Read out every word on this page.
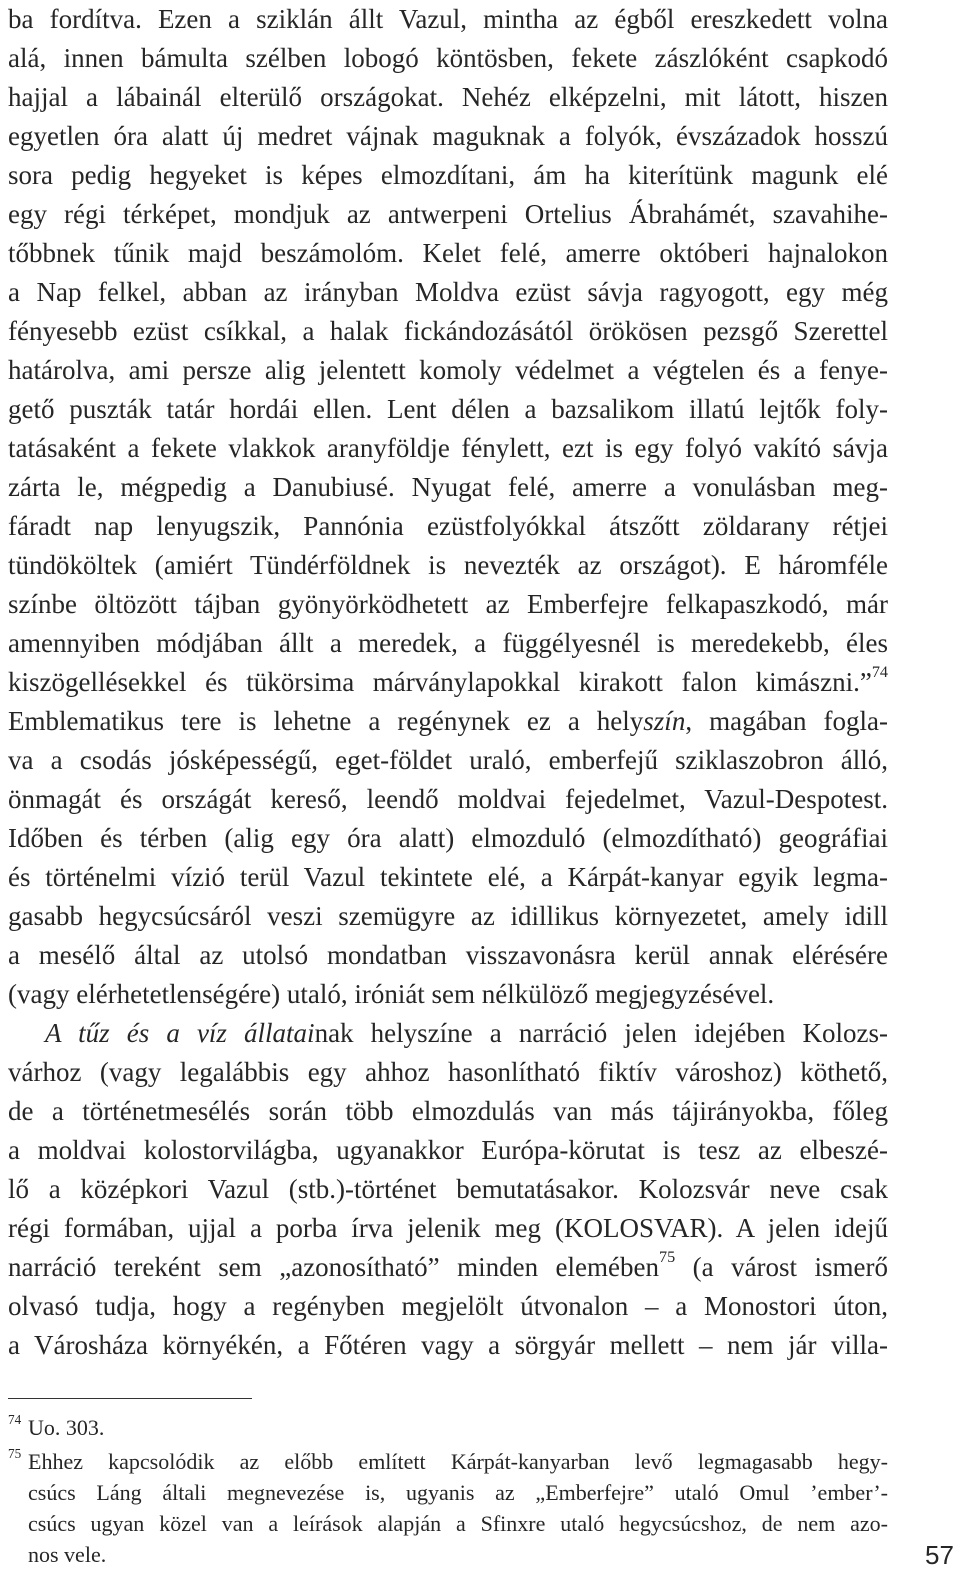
ba fordítva. Ezen a sziklán állt Vazul, mintha az égből ereszkedett volna
alá, innen bámulta szélben lobogó köntösben, fekete zászlóként csapkodó
hajjal a lábainál elterülő országokat. Nehéz elképzelni, mit látott, hiszen
egyetlen óra alatt új medret vájnak maguknak a folyók, évszázadok hosszú
sora pedig hegyeket is képes elmozdítani, ám ha kiterítünk magunk elé
egy régi térképet, mondjuk az antwerpeni Ortelius Ábrahámét, szavahihe-
tőbbnek tűnik majd beszámolóm. Kelet felé, amerre októberi hajnalokon
a Nap felkel, abban az irányban Moldva ezüst sávja ragyogott, egy még
fényesebb ezüst csíkkal, a halak fickándozásától örökösen pezsgő Szerettel
határolva, ami persze alig jelentett komoly védelmet a végtelen és a fenye-
gető puszták tatár hordái ellen. Lent délen a bazsalikom illatú lejtők foly-
tatásaként a fekete vlakkok aranyföldje fénylett, ezt is egy folyó vakító sávja
zárta le, mégpedig a Danubiusé. Nyugat felé, amerre a vonulásban meg-
fáradt nap lenyugszik, Pannónia ezüstfolyókkal átszőtt zöldarany rétjei
tündököltek (amiért Tündérföldnek is nevezték az országot). E háromféle
színbe öltözött tájban gyönyörködhetett az Emberfejre felkapaszkodó, már
amennyiben módjában állt a meredek, a függélyesnél is meredekebb, éles
kiszögellésekkel és tükörsima márványlapokkal kirakott falon kimászni.”$^{74}$
Emblematikus tere is lehetne a regénynek ez a helyszín, magában fogla-
va a csodás jósképességű, eget-földet uraló, emberfejű sziklaszobron álló,
önmagát és országát kereső, leendő moldvai fejedelmet, Vazul-Despotest.
Időben és térben (alig egy óra alatt) elmozduló (elmozdítható) geográfiai
és történelmi vízió terül Vazul tekintete elé, a Kárpát-kanyar egyik legma-
gasabb hegycsúcsáról veszi szemügyre az idillikus környezetet, amely idill
a mesélő által az utolsó mondatban visszavonásra kerül annak elérésére
(vagy elérhetetlenségére) utaló, iróniát sem nélkülöző megjegyzésével.
A tűz és a víz állatainak helyszíne a narráció jelen idejében Kolozs-
várhoz (vagy legalábbis egy ahhoz hasonlítható fiktív városhoz) köthető,
de a történetmesélés során több elmozdulás van más tájirányokba, főleg
a moldvai kolostorvilágba, ugyanakkor Európa-körutat is tesz az elbeszé-
lő a középkori Vazul (stb.)-történet bemutatásakor. Kolozsvár neve csak
régi formában, ujjal a porba írva jelenik meg (KOLOSVAR). A jelen idejű
narráció tereként sem „azonosítható” minden elemében$^{75}$ (a várost ismerő
olvasó tudja, hogy a regényben megjelölt útvonalon – a Monostori úton,
a Városháza környékén, a Főtéren vagy a sörgyár mellett – nem jár villa-
$^{74}$ Uo. 303.
$^{75}$ Ehhez kapcsolódik az előbb említett Kárpát-kanyarban levő legmagasabb hegy-
csúcs Láng általi megnevezése is, ugyanis az „Emberfejre” utaló Omul ’ember’-
csúcs ugyan közel van a leírások alapján a Sfinxre utaló hegycsúcshoz, de nem azo-
nos vele.	57
